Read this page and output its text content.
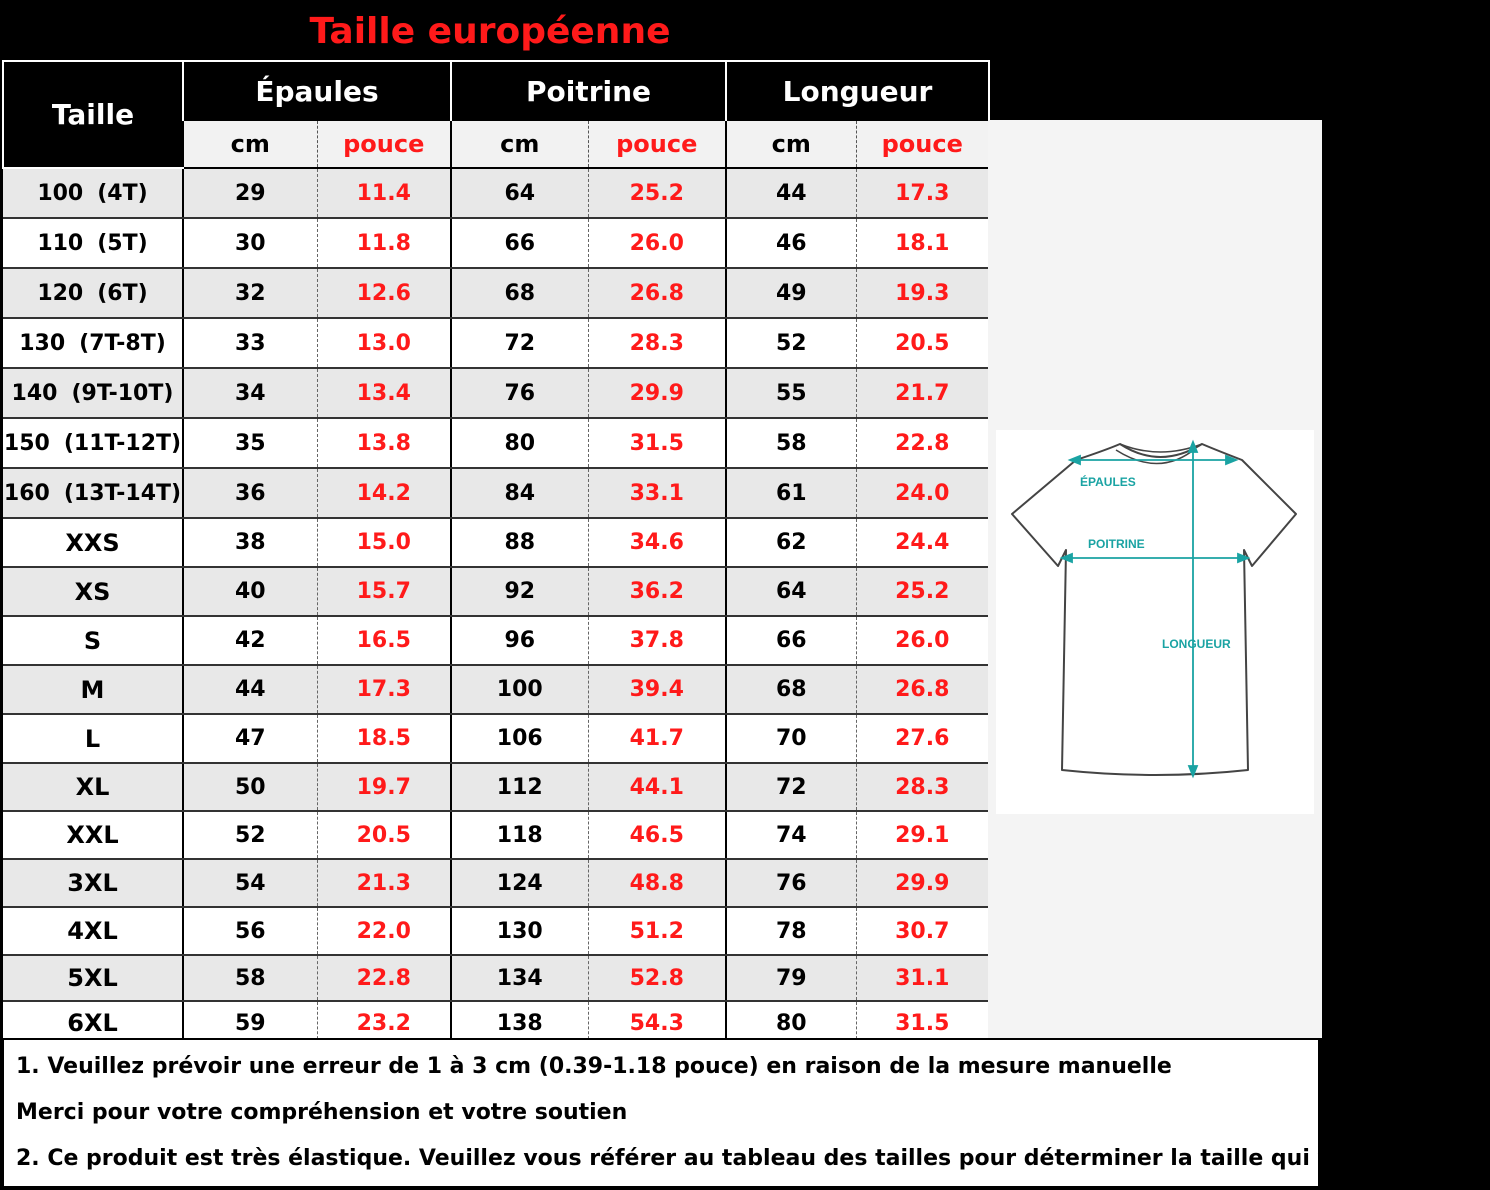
Taille européenne
Taille	Épaules		Poitrine		Longueur	
	cm	pouce	cm	pouce	cm	pouce

100 (4T)	29	11.4	64	25.2	44	17.3

110 (5T)	30	11.8	66	26.0	46	18.1

120 (6T)	32	12.6	68	26.8	49	19.3

130 (7T-8T)	33	13.0	72	28.3	52	20.5

140 (9T-10T)	34	13.4	76	29.9	55	21.7

150 (11T-12T)	35	13.8	80	31.5	58	22.8

160 (13T-14T)	36	14.2	84	33.1	61	24.0

XXS	38	15.0	88	34.6	62	24.4

XS	40	15.7	92	36.2	64	25.2

S	42	16.5	96	37.8	66	26.0

M	44	17.3	100	39.4	68	26.8

L	47	18.5	106	41.7	70	27.6

XL	50	19.7	112	44.1	72	28.3

XXL	52	20.5	118	46.5	74	29.1

3XL	54	21.3	124	48.8	76	29.9

4XL	56	22.0	130	51.2	78	30.7

5XL	58	22.8	134	52.8	79	31.1

6XL	59	23.2	138	54.3	80	31.5
ÉPAULES
POITRINE
LONGUEUR
1. Veuillez prévoir une erreur de 1 à 3 cm (0.39-1.18 pouce) en raison de la mesure manuelle
Merci pour votre compréhension et votre soutien
2. Ce produit est très élastique. Veuillez vous référer au tableau des tailles pour déterminer la taille qui vous convient
